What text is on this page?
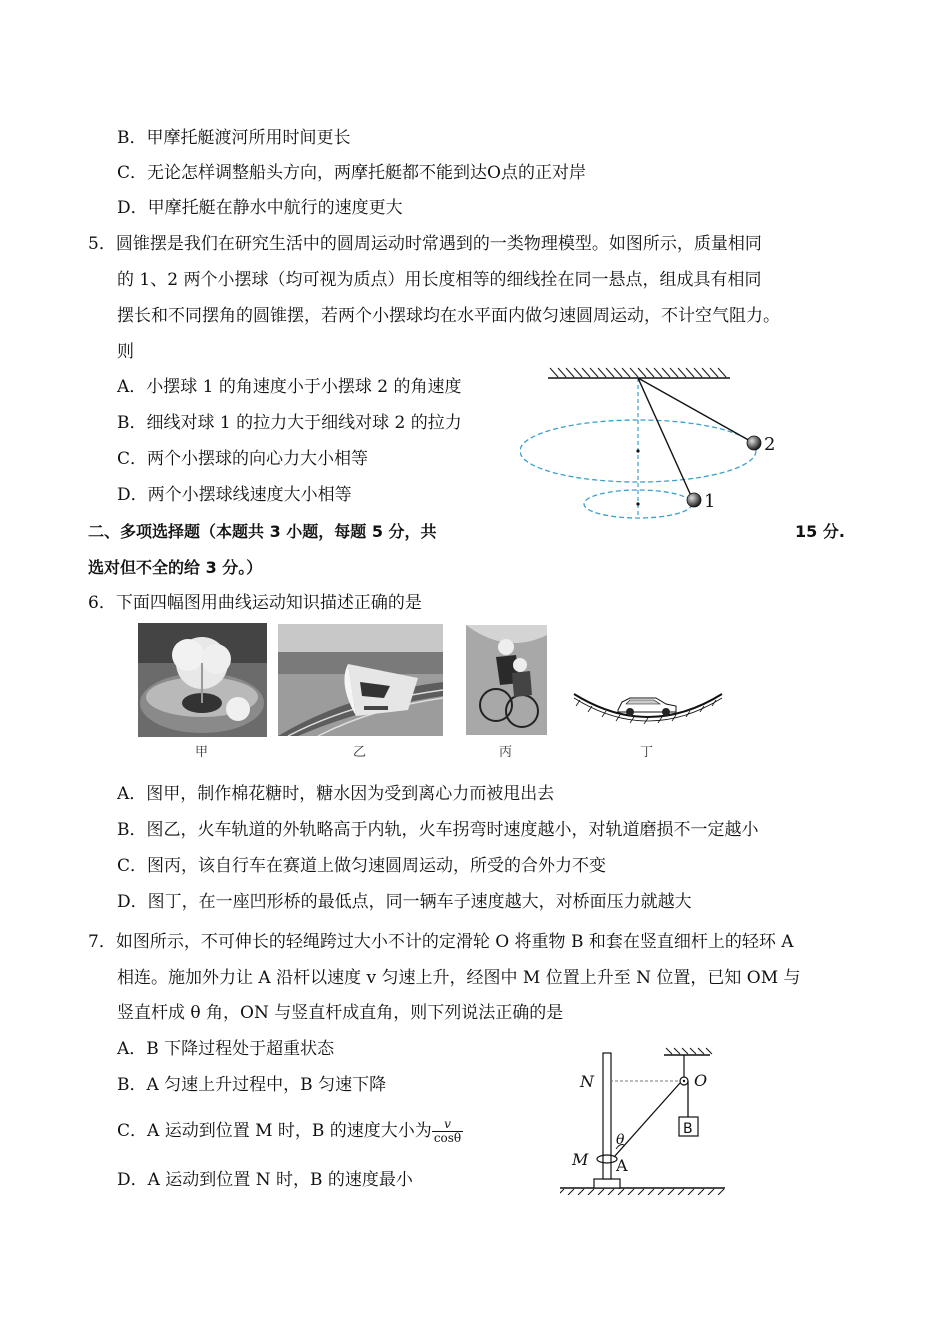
B．甲摩托艇渡河所用时间更长
C．无论怎样调整船头方向，两摩托艇都不能到达O点的正对岸
D．甲摩托艇在静水中航行的速度更大
5．圆锥摆是我们在研究生活中的圆周运动时常遇到的一类物理模型。如图所示，质量相同
的 1、2 两个小摆球（均可视为质点）用长度相等的细线拴在同一悬点，组成具有相同
摆长和不同摆角的圆锥摆，若两个小摆球均在水平面内做匀速圆周运动，不计空气阻力。
则
A．小摆球 1 的角速度小于小摆球 2 的角速度
B．细线对球 1 的拉力大于细线对球 2 的拉力
C．两个小摆球的向心力大小相等
D．两个小摆球线速度大小相等
2
1
二、多项选择题（本题共 3 小题，每题 5 分，共	15 分.
选对但不全的给 3 分。）
6．下面四幅图用曲线运动知识描述正确的是
甲	乙	丙	丁
A．图甲，制作棉花糖时，糖水因为受到离心力而被甩出去
B．图乙，火车轨道的外轨略高于内轨，火车拐弯时速度越小，对轨道磨损不一定越小
C．图丙，该自行车在赛道上做匀速圆周运动，所受的合外力不变
D．图丁，在一座凹形桥的最低点，同一辆车子速度越大，对桥面压力就越大
7．如图所示，不可伸长的轻绳跨过大小不计的定滑轮 O 将重物 B 和套在竖直细杆上的轻环 A
相连。施加外力让 A 沿杆以速度 v 匀速上升，经图中 M 位置上升至 N 位置，已知 OM 与
竖直杆成 θ 角，ON 与竖直杆成直角，则下列说法正确的是
A．B 下降过程处于超重状态
B．A 匀速上升过程中，B 匀速下降
C．A 运动到位置 M 时，B 的速度大小为 $\frac{v}{\cos\theta}$
D．A 运动到位置 N 时，B 的速度最小
N	O
B
θ
M A
